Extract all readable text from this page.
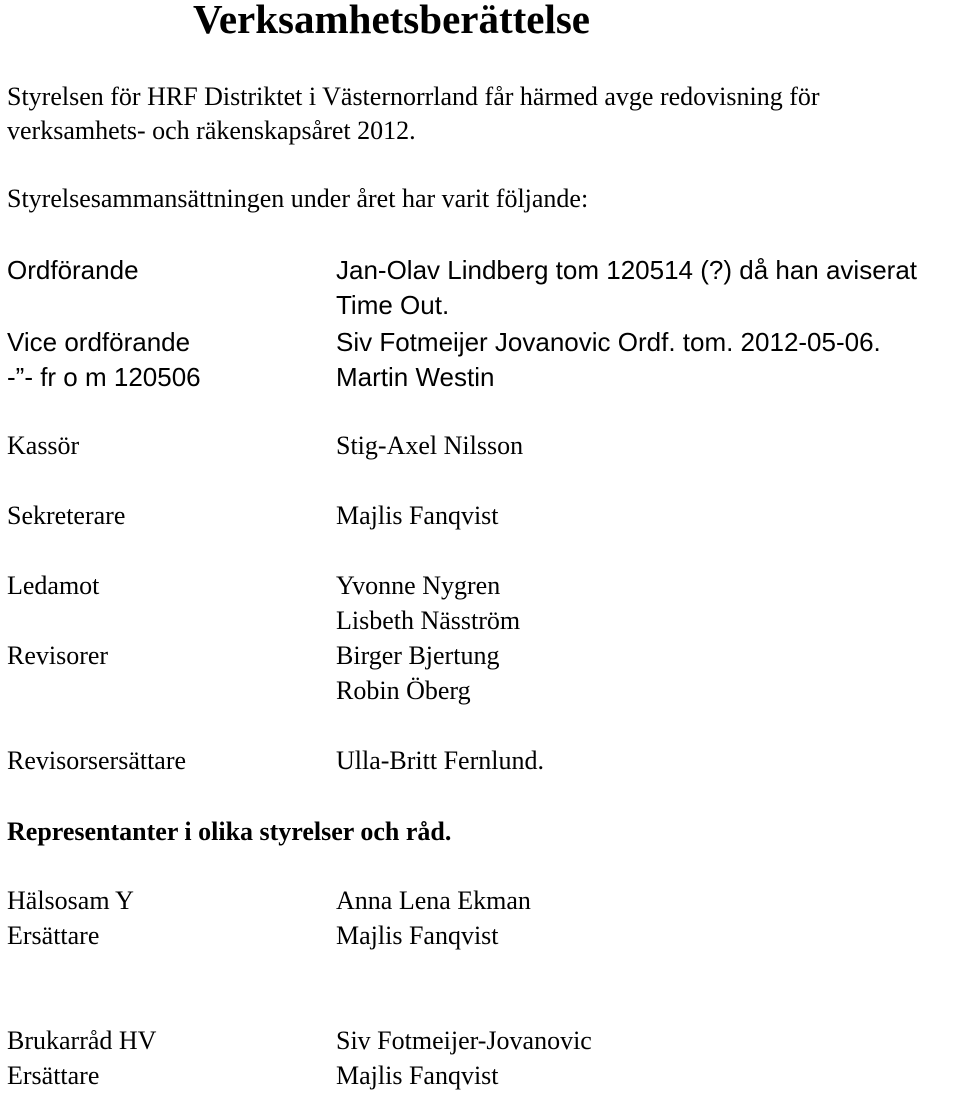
Verksamhetsberättelse

Styrelsen för HRF Distriktet i Västernorrland får härmed avge redovisning för

verksamhets- och räkenskapsåret 2012.

Styrelsesammansättningen under året har varit följande:

Ordförande	Jan-Olav Lindberg tom 120514 (?) då han aviserat
Time Out.
Vice ordförande	Siv Fotmeijer Jovanovic Ordf. tom. 2012-05-06.
-”- fr o m 120506	Martin Westin
Kassör	Stig-Axel Nilsson
Sekreterare	Majlis Fanqvist
Ledamot	Yvonne Nygren
Lisbeth Näsström
Revisorer	Birger Bjertung
Robin Öberg
Revisorsersättare	Ulla-Britt Fernlund.
Representanter i olika styrelser och råd.
Hälsosam Y	Anna Lena Ekman
Ersättare	Majlis Fanqvist
Brukarråd HV	Siv Fotmeijer-Jovanovic
Ersättare	Majlis Fanqvist
